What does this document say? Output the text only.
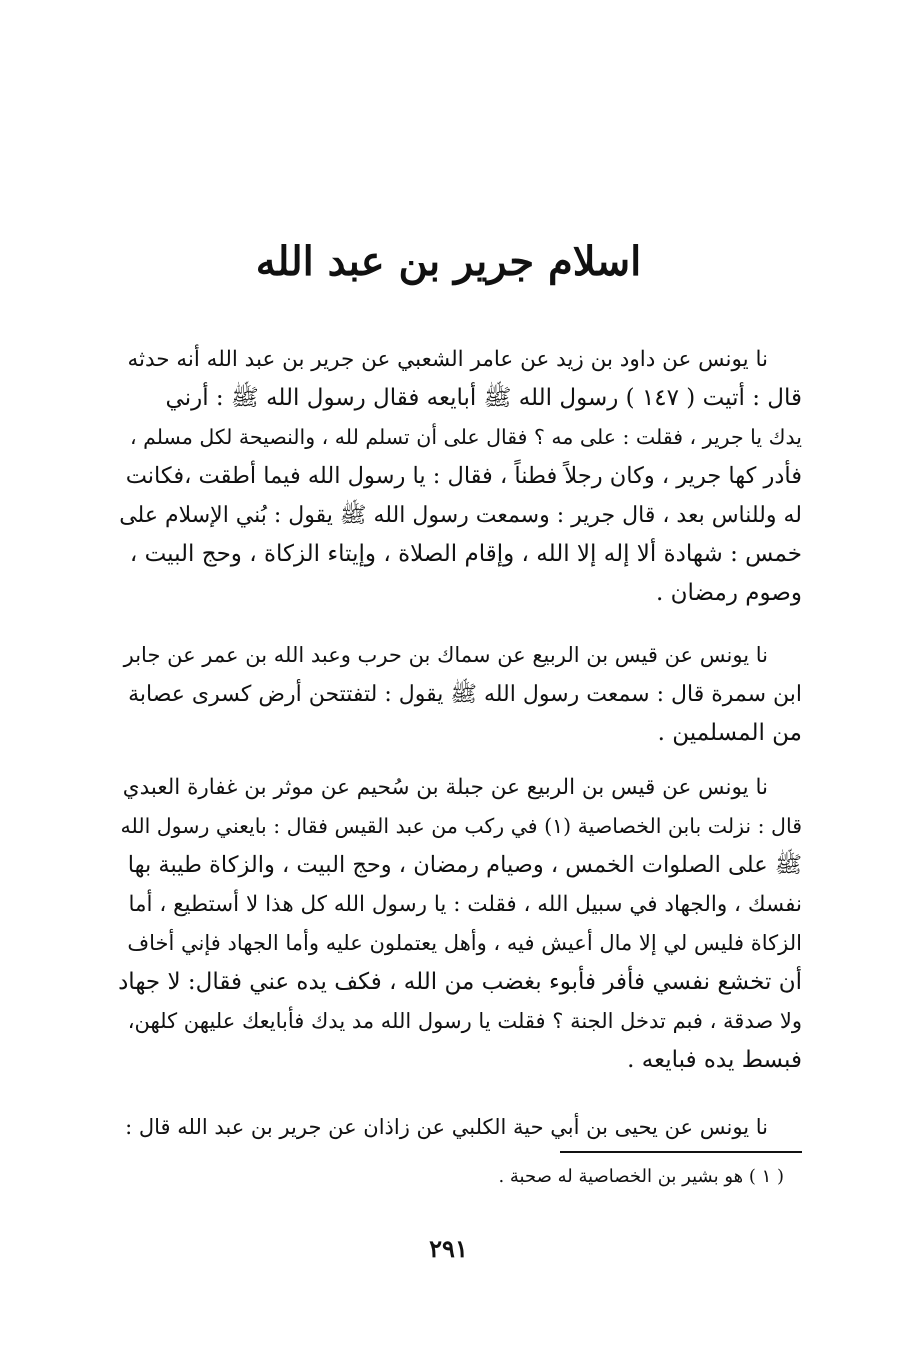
اسلام جرير بن عبد الله
نا يونس عن داود بن زيد عن عامر الشعبي عن جرير بن عبد الله أنه حدثه
قال : أتيت ( ١٤٧ ) رسول الله ﷺ أبايعه فقال رسول الله ﷺ : أرني
يدك يا جرير ، فقلت : على مه ؟ فقال على أن تسلم لله ، والنصيحة لكل مسلم ،
فأدر كها جرير ، وكان رجلاً فطناً ، فقال : يا رسول الله فيما أطقت ،فكانت
له وللناس بعد ، قال جرير : وسمعت رسول الله ﷺ يقول : بُني الإسلام على
خمس : شهادة ألا إله إلا الله ، وإقام الصلاة ، وإيتاء الزكاة ، وحج البيت ،
وصوم رمضان .
نا يونس عن قيس بن الربيع عن سماك بن حرب وعبد الله بن عمر عن جابر
ابن سمرة قال : سمعت رسول الله ﷺ يقول : لتفتتحن أرض كسرى عصابة
من المسلمين .
نا يونس عن قيس بن الربيع عن جبلة بن سُحيم عن موثر بن غفارة العبدي
قال : نزلت بابن الخصاصية (١) في ركب من عبد القيس فقال : بايعني رسول الله
ﷺ على الصلوات الخمس ، وصيام رمضان ، وحج البيت ، والزكاة طيبة بها
نفسك ، والجهاد في سبيل الله ، فقلت : يا رسول الله كل هذا لا أستطيع ، أما
الزكاة فليس لي إلا مال أعيش فيه ، وأهل يعتملون عليه وأما الجهاد فإني أخاف
أن تخشع نفسي فأفر فأبوء بغضب من الله ، فكف يده عني فقال: لا جهاد
ولا صدقة ، فبم تدخل الجنة ؟ فقلت يا رسول الله مد يدك فأبايعك عليهن كلهن،
فبسط يده فبايعه .
نا يونس عن يحيى بن أبي حية الكلبي عن زاذان عن جرير بن عبد الله قال :
( ١ ) هو بشير بن الخصاصية له صحبة .
٢٩١
